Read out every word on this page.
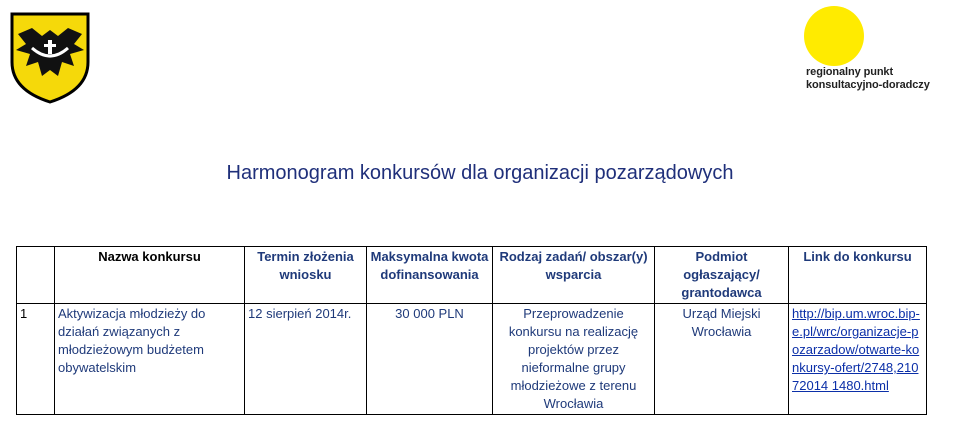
regionalny punkt
konsultacyjno-doradczy
Harmonogram konkursów dla organizacji pozarządowych
	Nazwa konkursu	Termin złożenia wniosku	Maksymalna kwota dofinansowania	Rodzaj zadań/ obszar(y) wsparcia	Podmiot ogłaszający/ grantodawca	Link do konkursu
1	Aktywizacja młodzieży do działań związanych z młodzieżowym budżetem obywatelskim	12 sierpień 2014r.	30 000 PLN	Przeprowadzenie konkursu na realizację projektów przez nieformalne grupy młodzieżowe z terenu Wrocławia	Urząd Miejski Wrocławia	http://bip.um.wroc.bip-e.pl/wrc/organizacje-pozarzadow/otwarte-konkursy-ofert/2748,21072014 1480.html
